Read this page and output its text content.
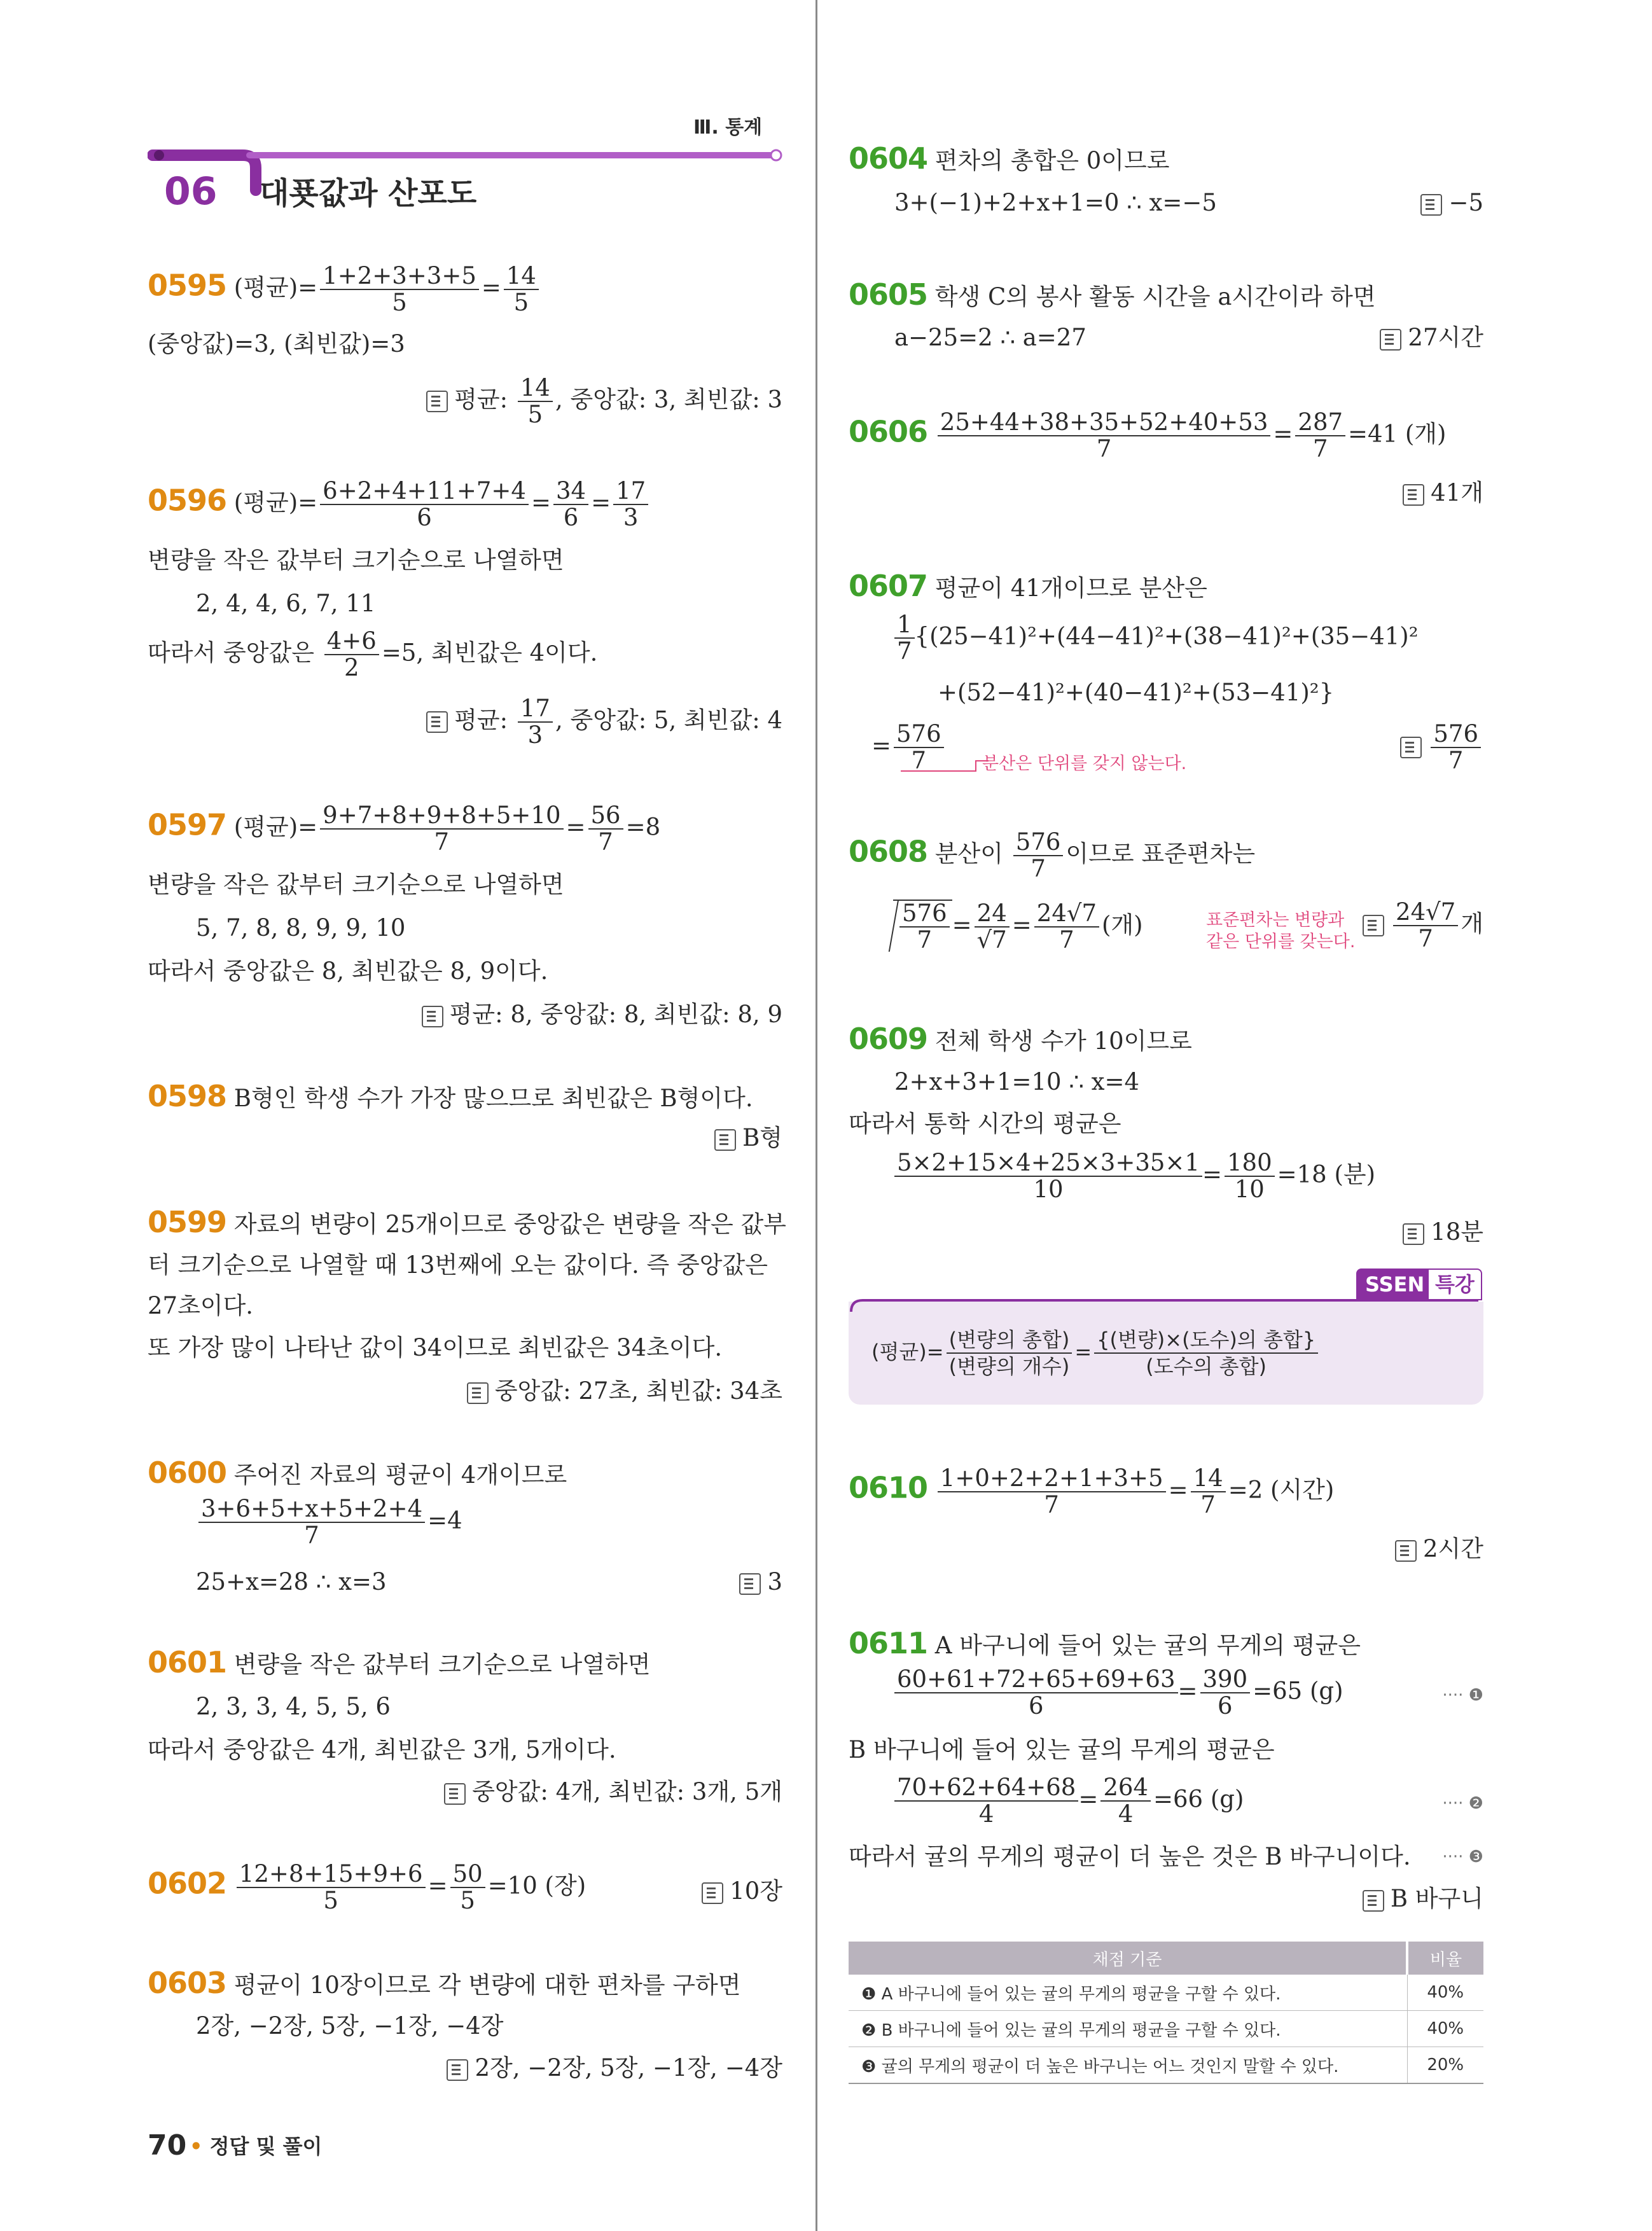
Ⅲ. 통계
06 대푯값과 산포도
0595 (평균)= $\frac{1+2+3+3+5}{5} = \frac{14}{5}$
(중앙값)=3, (최빈값)=3
평균: $\frac{14}{5}$ , 중앙값: 3, 최빈값: 3
0596 (평균)= $\frac{6+2+4+11+7+4}{6} = \frac{34}{6} = \frac{17}{3}$
변량을 작은 값부터 크기순으로 나열하면
2, 4, 4, 6, 7, 11
따라서 중앙값은 $\frac{4+6}{2} =5$, 최빈값은 4이다.
평균: $\frac{17}{3}$ , 중앙값: 5, 최빈값: 4
0597 (평균)= $\frac{9+7+8+9+8+5+10}{7} = \frac{56}{7} =8$
변량을 작은 값부터 크기순으로 나열하면
5, 7, 8, 8, 9, 9, 10
따라서 중앙값은 8, 최빈값은 8, 9이다.
평균: 8, 중앙값: 8, 최빈값: 8, 9
0598 B형인 학생 수가 가장 많으므로 최빈값은 B형이다.
B형
0599 자료의 변량이 25개이므로 중앙값은 변량을 작은 값부
터 크기순으로 나열할 때 13번째에 오는 값이다. 즉 중앙값은
27초이다.
또 가장 많이 나타난 값이 34이므로 최빈값은 34초이다.
중앙값: 27초, 최빈값: 34초
0600 주어진 자료의 평균이 4개이므로
$\frac{3+6+5+x+5+2+4}{7} =4$
25+x=28 ∴ x=3	3
0601 변량을 작은 값부터 크기순으로 나열하면
2, 3, 3, 4, 5, 5, 6
따라서 중앙값은 4개, 최빈값은 3개, 5개이다.
중앙값: 4개, 최빈값: 3개, 5개
$0602 \frac{12+8+15+9+6}{5} = \frac{50}{5} =10$ (장)	10장
0603 평균이 10장이므로 각 변량에 대한 편차를 구하면
2장, −2장, 5장, −1장, −4장
2장, −2장, 5장, −1장, −4장
70 • 정답 및 풀이
0604 편차의 총합은 0이므로
3+(−1)+2+x+1=0 ∴ x=−5	−5
0605 학생 C의 봉사 활동 시간을 a시간이라 하면
a−25=2 ∴ a=27	27시간
$0606 \frac{25+44+38+35+52+40+53}{7} = \frac{287}{7} =41$ (개)
41개
0607 평균이 41개이므로 분산은
$\frac{1}{7} \{(25-41)^2+(44-41)^2+(38-41)^2+(35-41)^2$
+(52−41)²+(40−41)²+(53−41)²}
= $\frac{576}{7}$ 분산은 단위를 갖지 않는다.	$\frac{576}{7}$
0608 분산이 $\frac{576}{7}$ 이므로 표준편차는
$\frac{576}{7} = \frac{24}{√7} = \frac{24√7}{7}$ (개)	표준편차는 변량과
같은 단위를 갖는다. $\frac{24√7}{7}$ 개
0609 전체 학생 수가 10이므로
2+x+3+1=10 ∴ x=4
따라서 통학 시간의 평균은
$\frac{5\times 2+15\times 4+25\times 3+35\times 1}{10} = \frac{180}{10} =18$ (분)
18분
SSEN 특강
(평균)= $\frac{\text{(변량의 총합)}}{\text{(변량의 개수)}} = \frac{\text{\{(변량)×(도수)의 총합\}}}{\text{(도수의 총합)}}$
$0610 \frac{1+0+2+2+1+3+5}{7} = \frac{14}{7} =2$ (시간)
2시간
0611 A 바구니에 들어 있는 귤의 무게의 평균은
$\frac{60+61+72+65+69+63}{6} = \frac{390}{6} =65$ (g)	···· ❶
B 바구니에 들어 있는 귤의 무게의 평균은
$\frac{70+62+64+68}{4} = \frac{264}{4} =66$ (g)	···· ❷
따라서 귤의 무게의 평균이 더 높은 것은 B 바구니이다.	···· ❸
B 바구니
채점 기준	비율
❶ A 바구니에 들어 있는 귤의 무게의 평균을 구할 수 있다.	40%
❷ B 바구니에 들어 있는 귤의 무게의 평균을 구할 수 있다.	40%
❸ 귤의 무게의 평균이 더 높은 바구니는 어느 것인지 말할 수 있다.	20%
